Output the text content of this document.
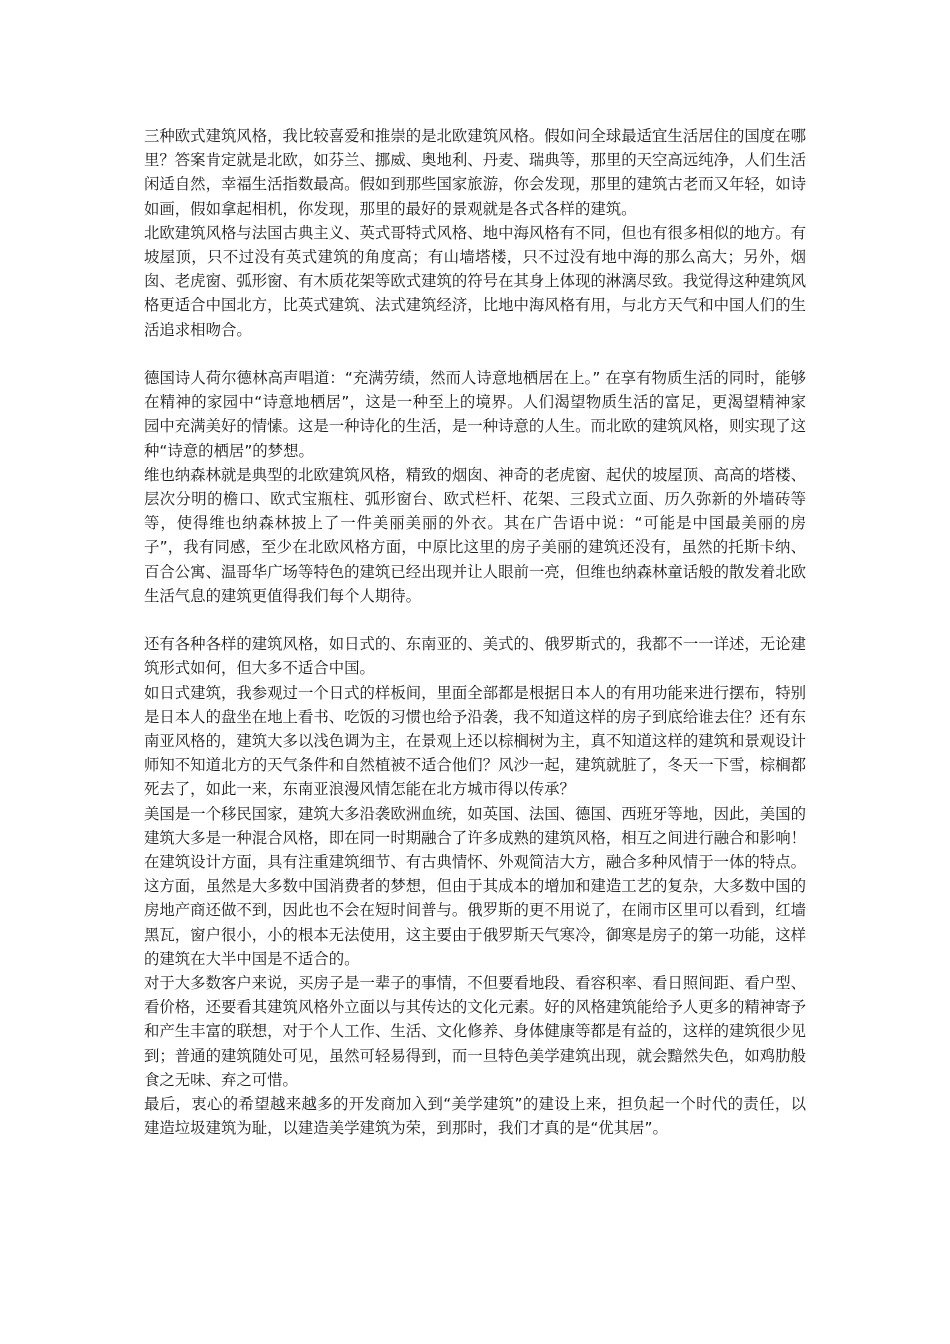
三种欧式建筑风格，我比较喜爱和推崇的是北欧建筑风格。假如问全球最适宜生活居住的国度在哪里？答案肯定就是北欧，如芬兰、挪威、奥地利、丹麦、瑞典等，那里的天空高远纯净，人们生活闲适自然，幸福生活指数最高。假如到那些国家旅游，你会发现，那里的建筑古老而又年轻，如诗如画，假如拿起相机，你发现，那里的最好的景观就是各式各样的建筑。

北欧建筑风格与法国古典主义、英式哥特式风格、地中海风格有不同，但也有很多相似的地方。有坡屋顶，只不过没有英式建筑的角度高；有山墙塔楼，只不过没有地中海的那么高大；另外，烟囱、老虎窗、弧形窗、有木质花架等欧式建筑的符号在其身上体现的淋漓尽致。我觉得这种建筑风格更适合中国北方，比英式建筑、法式建筑经济，比地中海风格有用，与北方天气和中国人们的生活追求相吻合。

德国诗人荷尔德林高声唱道：“充满劳绩，然而人诗意地栖居在上。” 在享有物质生活的同时，能够在精神的家园中“诗意地栖居”，这是一种至上的境界。人们渴望物质生活的富足，更渴望精神家园中充满美好的情愫。这是一种诗化的生活，是一种诗意的人生。而北欧的建筑风格，则实现了这种“诗意的栖居”的梦想。

维也纳森林就是典型的北欧建筑风格，精致的烟囱、神奇的老虎窗、起伏的坡屋顶、高高的塔楼、层次分明的檐口、欧式宝瓶柱、弧形窗台、欧式栏杆、花架、三段式立面、历久弥新的外墙砖等等，使得维也纳森林披上了一件美丽美丽的外衣。其在广告语中说：“可能是中国最美丽的房子”，我有同感，至少在北欧风格方面，中原比这里的房子美丽的建筑还没有，虽然的托斯卡纳、百合公寓、温哥华广场等特色的建筑已经出现并让人眼前一亮，但维也纳森林童话般的散发着北欧生活气息的建筑更值得我们每个人期待。

还有各种各样的建筑风格，如日式的、东南亚的、美式的、俄罗斯式的，我都不一一详述，无论建筑形式如何，但大多不适合中国。

如日式建筑，我参观过一个日式的样板间，里面全部都是根据日本人的有用功能来进行摆布，特别是日本人的盘坐在地上看书、吃饭的习惯也给予沿袭，我不知道这样的房子到底给谁去住？还有东南亚风格的，建筑大多以浅色调为主，在景观上还以棕榈树为主，真不知道这样的建筑和景观设计师知不知道北方的天气条件和自然植被不适合他们？风沙一起，建筑就脏了，冬天一下雪，棕榈都死去了，如此一来，东南亚浪漫风情怎能在北方城市得以传承？

美国是一个移民国家，建筑大多沿袭欧洲血统，如英国、法国、德国、西班牙等地，因此，美国的建筑大多是一种混合风格，即在同一时期融合了许多成熟的建筑风格，相互之间进行融合和影响！在建筑设计方面，具有注重建筑细节、有古典情怀、外观简洁大方，融合多种风情于一体的特点。这方面，虽然是大多数中国消费者的梦想，但由于其成本的增加和建造工艺的复杂，大多数中国的房地产商还做不到，因此也不会在短时间普与。俄罗斯的更不用说了，在闹市区里可以看到，红墙黑瓦，窗户很小，小的根本无法使用，这主要由于俄罗斯天气寒冷，御寒是房子的第一功能，这样的建筑在大半中国是不适合的。

对于大多数客户来说，买房子是一辈子的事情，不但要看地段、看容积率、看日照间距、看户型、看价格，还要看其建筑风格外立面以与其传达的文化元素。好的风格建筑能给予人更多的精神寄予和产生丰富的联想，对于个人工作、生活、文化修养、身体健康等都是有益的，这样的建筑很少见到；普通的建筑随处可见，虽然可轻易得到，而一旦特色美学建筑出现，就会黯然失色，如鸡肋般食之无味、弃之可惜。

最后，衷心的希望越来越多的开发商加入到“美学建筑”的建设上来，担负起一个时代的责任，以建造垃圾建筑为耻，以建造美学建筑为荣，到那时，我们才真的是“优其居”。
